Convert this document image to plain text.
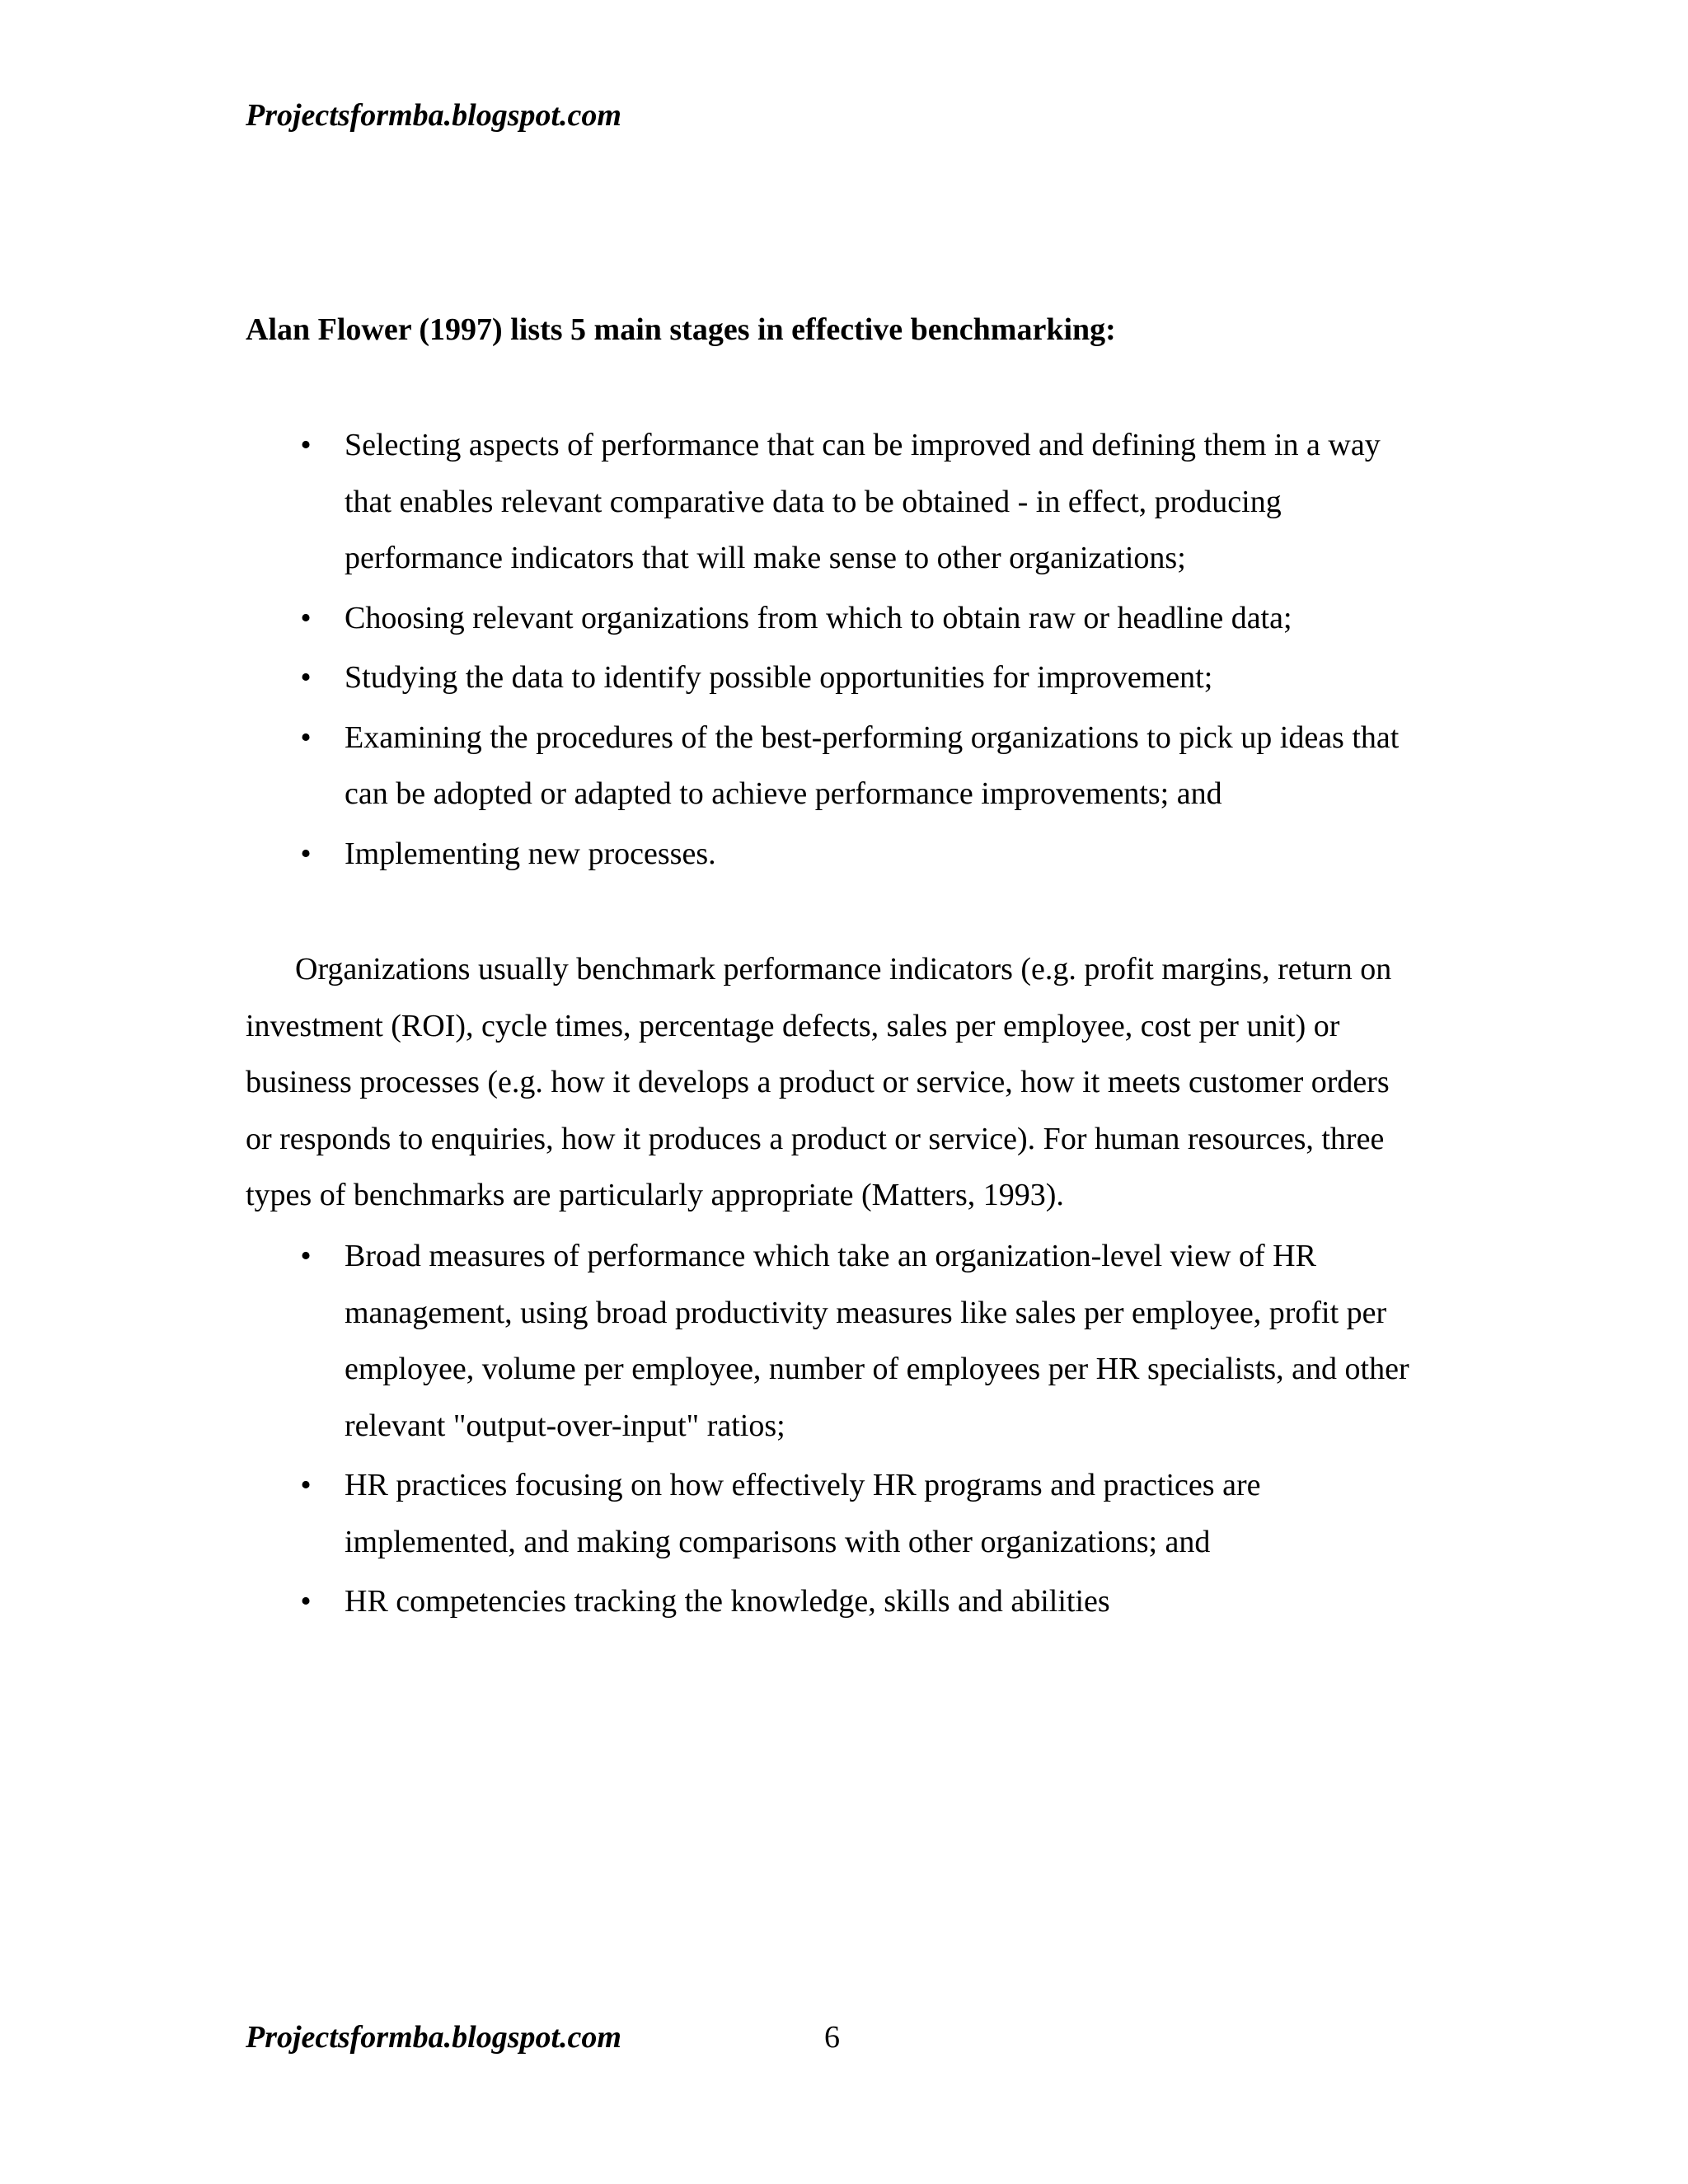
Projectsformba.blogspot.com
Alan Flower (1997) lists 5 main stages in effective benchmarking:
• Selecting aspects of performance that can be improved and defining them in a way that enables relevant comparative data to be obtained - in effect, producing performance indicators that will make sense to other organizations;
• Choosing relevant organizations from which to obtain raw or headline data;
• Studying the data to identify possible opportunities for improvement;
• Examining the procedures of the best-performing organizations to pick up ideas that can be adopted or adapted to achieve performance improvements; and
• Implementing new processes.

Organizations usually benchmark performance indicators (e.g. profit margins, return on investment (ROI), cycle times, percentage defects, sales per employee, cost per unit) or business processes (e.g. how it develops a product or service, how it meets customer orders or responds to enquiries, how it produces a product or service). For human resources, three types of benchmarks are particularly appropriate (Matters, 1993).

• Broad measures of performance which take an organization-level view of HR management, using broad productivity measures like sales per employee, profit per employee, volume per employee, number of employees per HR specialists, and other relevant "output-over-input" ratios;
• HR practices focusing on how effectively HR programs and practices are implemented, and making comparisons with other organizations; and
• HR competencies tracking the knowledge, skills and abilities
Projectsformba.blogspot.com	6
